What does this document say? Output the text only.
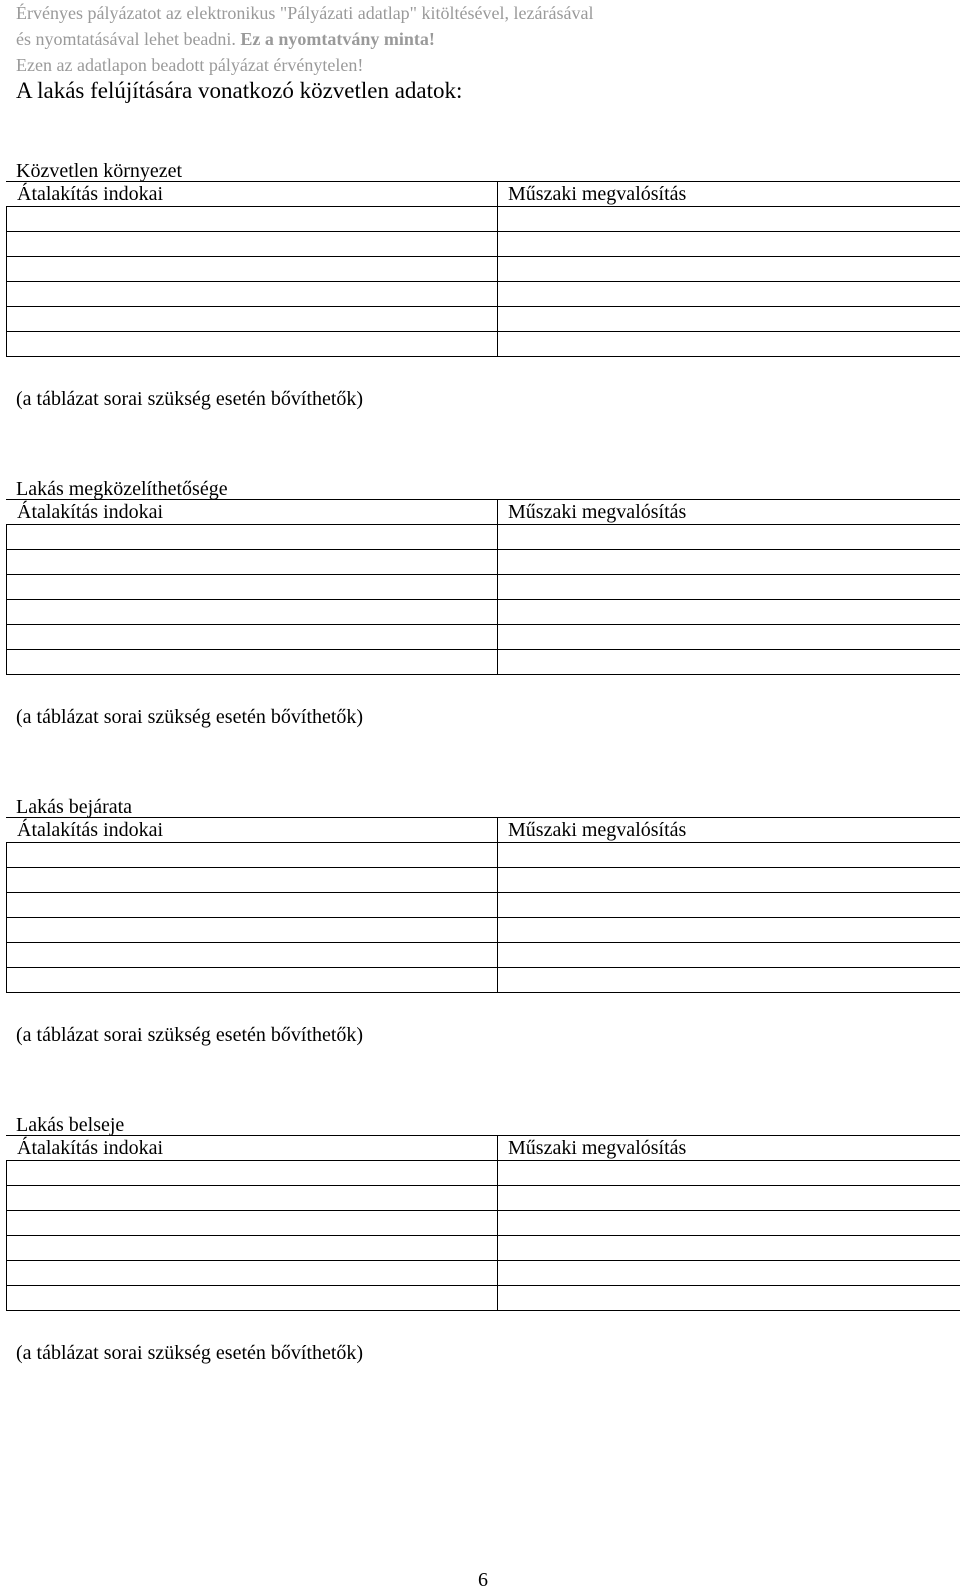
Érvényes pályázatot az elektronikus "Pályázati adatlap" kitöltésével, lezárásával
és nyomtatásával lehet beadni. Ez a nyomtatvány minta!
Ezen az adatlapon beadott pályázat érvénytelen!
A lakás felújítására vonatkozó közvetlen adatok:
Közvetlen környezet
Átalakítás indokai	Műszaki megvalósítás

(a táblázat sorai szükség esetén bővíthetők)
Lakás megközelíthetősége
Átalakítás indokai	Műszaki megvalósítás

(a táblázat sorai szükség esetén bővíthetők)
Lakás bejárata
Átalakítás indokai	Műszaki megvalósítás

(a táblázat sorai szükség esetén bővíthetők)
Lakás belseje
Átalakítás indokai	Műszaki megvalósítás

(a táblázat sorai szükség esetén bővíthetők)
6
